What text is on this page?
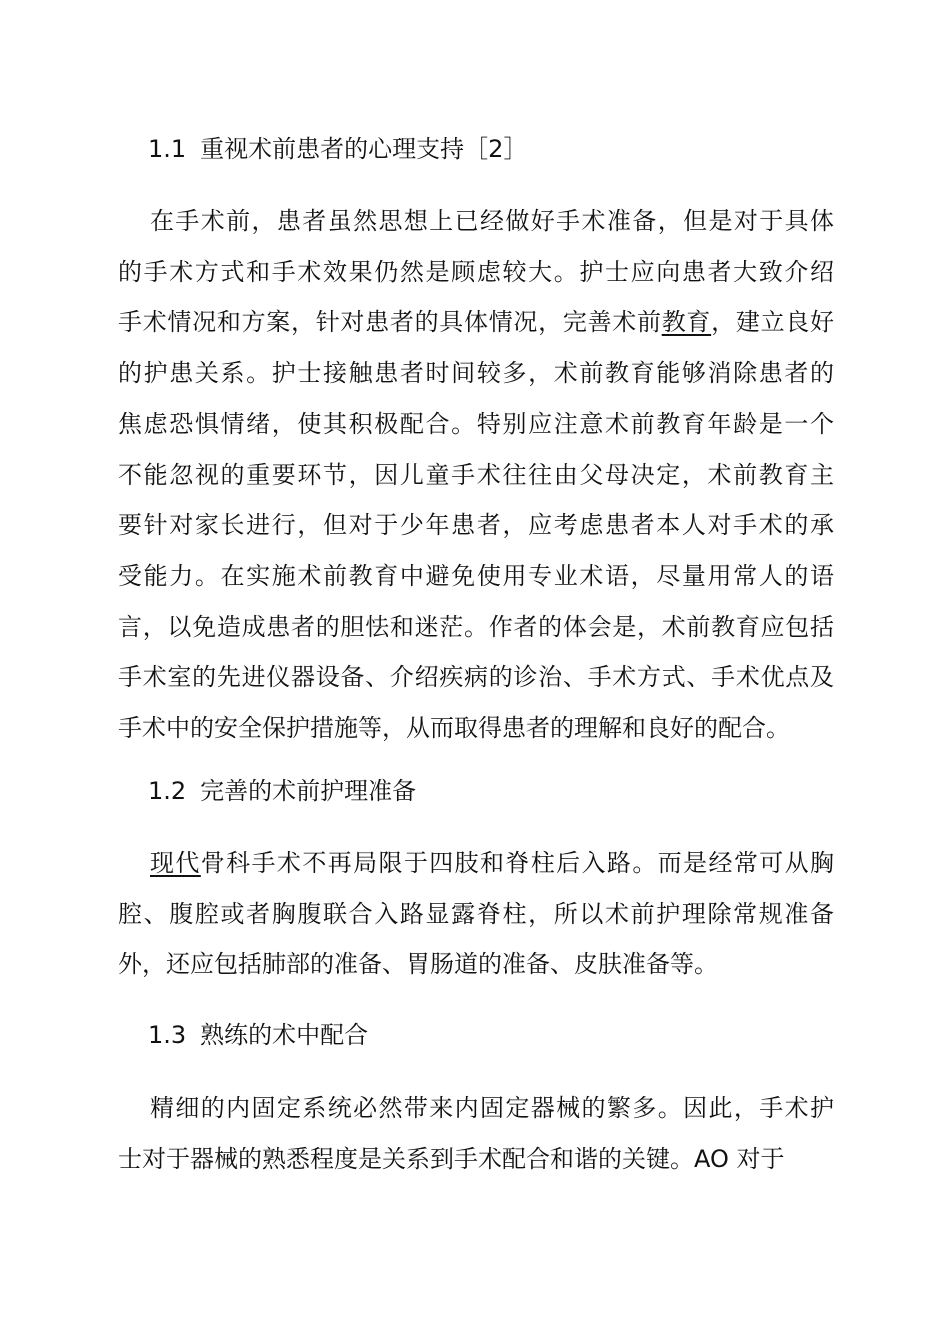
1.1 重视术前患者的心理支持［2］
在手术前，患者虽然思想上已经做好手术准备，但是对于具体
的手术方式和手术效果仍然是顾虑较大。护士应向患者大致介绍
手术情况和方案，针对患者的具体情况，完善术前教育，建立良好
的护患关系。护士接触患者时间较多，术前教育能够消除患者的
焦虑恐惧情绪，使其积极配合。特别应注意术前教育年龄是一个
不能忽视的重要环节，因儿童手术往往由父母决定，术前教育主
要针对家长进行，但对于少年患者，应考虑患者本人对手术的承
受能力。在实施术前教育中避免使用专业术语，尽量用常人的语
言，以免造成患者的胆怯和迷茫。作者的体会是，术前教育应包括
手术室的先进仪器设备、介绍疾病的诊治、手术方式、手术优点及
手术中的安全保护措施等，从而取得患者的理解和良好的配合。
1.2 完善的术前护理准备
现代骨科手术不再局限于四肢和脊柱后入路。而是经常可从胸
腔、腹腔或者胸腹联合入路显露脊柱，所以术前护理除常规准备
外，还应包括肺部的准备、胃肠道的准备、皮肤准备等。
1.3 熟练的术中配合
精细的内固定系统必然带来内固定器械的繁多。因此，手术护
士对于器械的熟悉程度是关系到手术配合和谐的关键。AO 对于
